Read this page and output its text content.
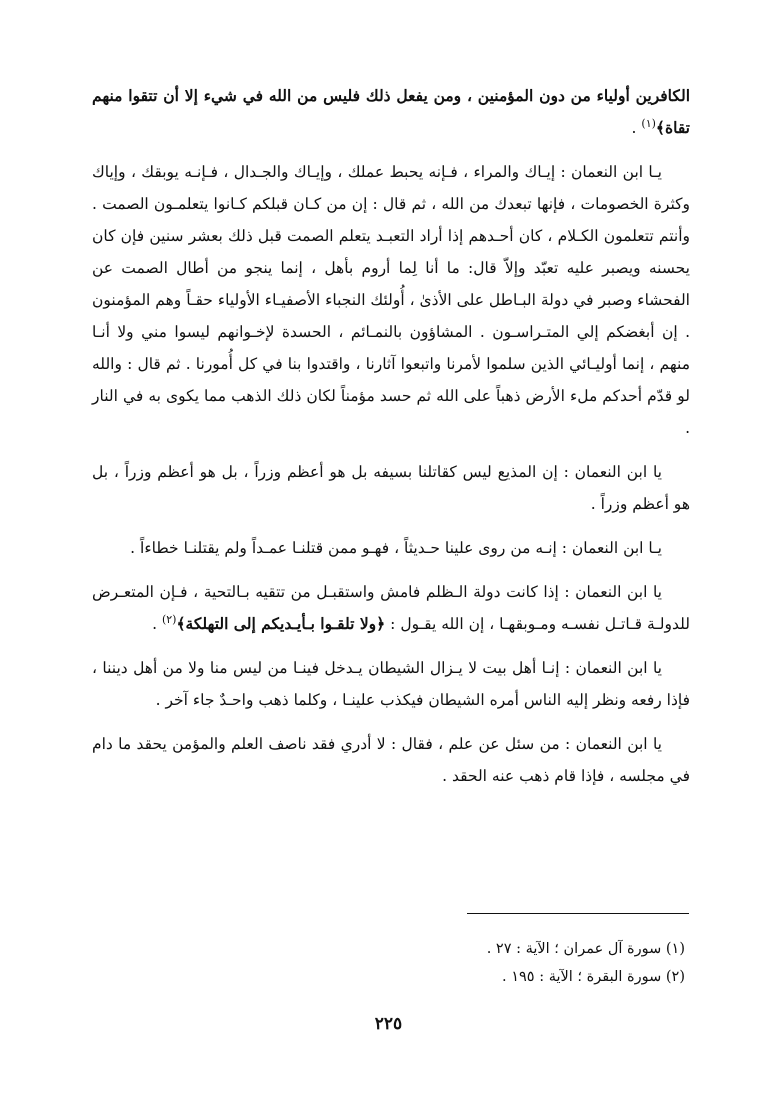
الكافرين أولياء من دون المؤمنين ، ومن يفعل ذلك فليس من الله في شيء إلا أن تتقوا منهم تقاة﴾$^{(١)}$ .

يـا ابن النعمان : إيـاك والمراء ، فـإنه يحبط عملك ، وإيـاك والجـدال ، فـإنـه يوبقك ، وإياك وكثرة الخصومات ، فإنها تبعدك من الله ، ثم قال : إن من كـان قبلكم كـانوا يتعلمـون الصمت . وأنتم تتعلمون الكـلام ، كان أحـدهم إذا أراد التعبـد يتعلم الصمت قبل ذلك بعشر سنين فإن كان يحسنه ويصبر عليه تعبّد وإلاّ قال: ما أنا لِما أروم بأهل ، إنما ينجو من أطال الصمت عن الفحشاء وصبر في دولة البـاطل على الأذىٰ ، أُولئك النجباء الأصفيـاء الأولياء حقـاً وهم المؤمنون . إن أبغضكم إلي المتـراسـون . المشاؤون بالنمـائم ، الحسدة لإخـوانهم ليسوا مني ولا أنـا منهم ، إنما أوليـائي الذين سلموا لأمرنا واتبعوا آثارنا ، واقتدوا بنا في كل أُمورنا . ثم قال : والله لو قدّم أحدكم ملء الأرض ذهباً على الله ثم حسد مؤمناً لكان ذلك الذهب مما يكوى به في النار .

يا ابن النعمان : إن المذيع ليس كقاتلنا بسيفه بل هو أعظم وزراً ، بل هو أعظم وزراً ، بل هو أعظم وزراً .

يـا ابن النعمان : إنـه من روى علينا حـديثاً ، فهـو ممن قتلنـا عمـداً ولم يقتلنـا خطاءاً .

يا ابن النعمان : إذا كانت دولة الـظلم فامش واستقبـل من تتقيه بـالتحية ، فـإن المتعـرض للدولـة قـاتـل نفسـه ومـوبقهـا ، إن الله يقـول : ﴿ولا تلقـوا بـأيـديكم إلى التهلكة﴾$^{(٢)}$ .

يا ابن النعمان : إنـا أهل بيت لا يـزال الشيطان يـدخل فينـا من ليس منا ولا من أهل ديننا ، فإذا رفعه ونظر إليه الناس أمره الشيطان فيكذب علينـا ، وكلما ذهب واحـدٌ جاء آخر .

يا ابن النعمان : من سئل عن علم ، فقال : لا أدري فقد ناصف العلم والمؤمن يحقد ما دام في مجلسه ، فإذا قام ذهب عنه الحقد .

(١) سورة آل عمران ؛ الآية : ٢٧ .

(٢) سورة البقرة ؛ الآية : ١٩٥ .

٢٢٥
